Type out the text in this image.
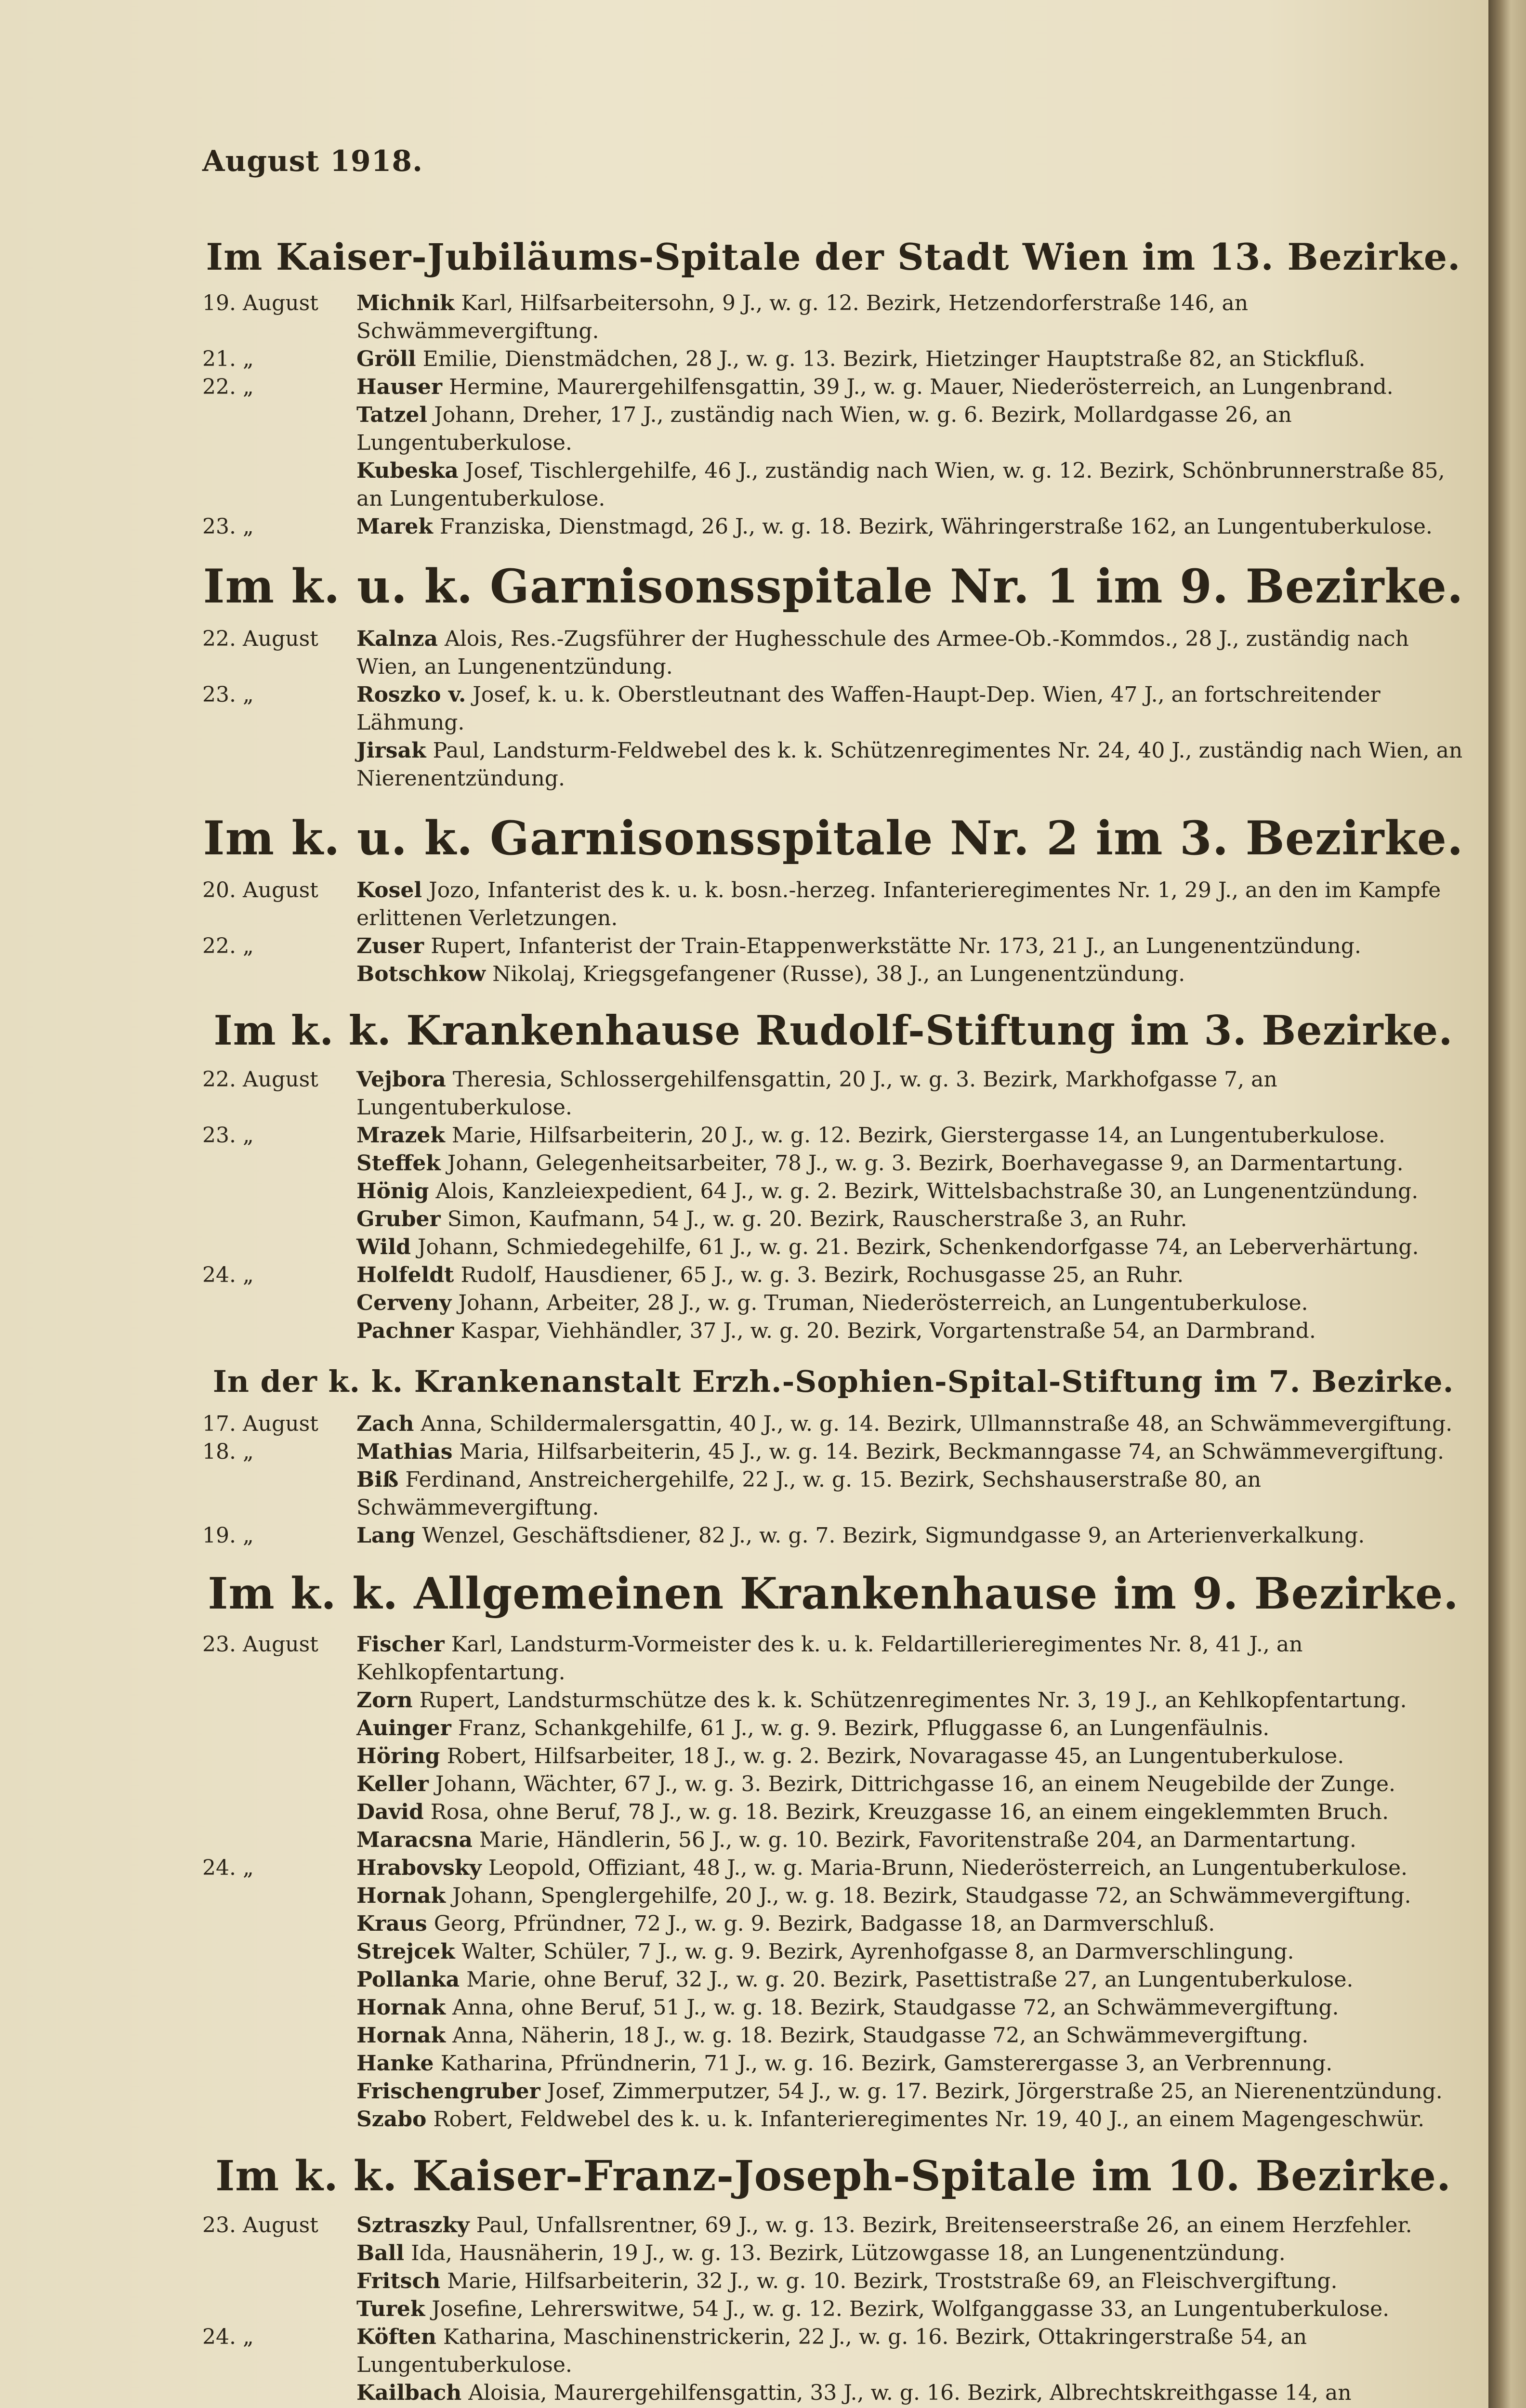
August 1918.
Im Kaiser-Jubiläums-Spitale der Stadt Wien im 13. Bezirke.
19. August	Michnik Karl, Hilfsarbeitersohn, 9 J., w. g. 12. Bezirk, Hetzendorferstraße 146, an Schwämmevergiftung.
21. „	Gröll Emilie, Dienstmädchen, 28 J., w. g. 13. Bezirk, Hietzinger Hauptstraße 82, an Stickfluß.
22. „	Hauser Hermine, Maurergehilfensgattin, 39 J., w. g. Mauer, Niederösterreich, an Lungenbrand.
Tatzel Johann, Dreher, 17 J., zuständig nach Wien, w. g. 6. Bezirk, Mollardgasse 26, an Lungentuberkulose.
Kubeska Josef, Tischlergehilfe, 46 J., zuständig nach Wien, w. g. 12. Bezirk, Schönbrunnerstraße 85, an Lungentuberkulose.
23. „	Marek Franziska, Dienstmagd, 26 J., w. g. 18. Bezirk, Währingerstraße 162, an Lungentuberkulose.
Im k. u. k. Garnisonsspitale Nr. 1 im 9. Bezirke.
22. August	Kalnza Alois, Res.-Zugsführer der Hughesschule des Armee-Ob.-Kommdos., 28 J., zuständig nach Wien, an Lungenentzündung.
23. „	Roszko v. Josef, k. u. k. Oberstleutnant des Waffen-Haupt-Dep. Wien, 47 J., an fortschreitender Lähmung.
Jirsak Paul, Landsturm-Feldwebel des k. k. Schützenregimentes Nr. 24, 40 J., zuständig nach Wien, an Nierenentzündung.
Im k. u. k. Garnisonsspitale Nr. 2 im 3. Bezirke.
20. August	Kosel Jozo, Infanterist des k. u. k. bosn.-herzeg. Infanterieregimentes Nr. 1, 29 J., an den im Kampfe erlittenen Verletzungen.
22. „	Zuser Rupert, Infanterist der Train-Etappenwerkstätte Nr. 173, 21 J., an Lungenentzündung.
Botschkow Nikolaj, Kriegsgefangener (Russe), 38 J., an Lungenentzündung.
Im k. k. Krankenhause Rudolf-Stiftung im 3. Bezirke.
22. August	Vejbora Theresia, Schlossergehilfensgattin, 20 J., w. g. 3. Bezirk, Markhofgasse 7, an Lungentuberkulose.
23. „	Mrazek Marie, Hilfsarbeiterin, 20 J., w. g. 12. Bezirk, Gierstergasse 14, an Lungentuberkulose.
Steffek Johann, Gelegenheitsarbeiter, 78 J., w. g. 3. Bezirk, Boerhavegasse 9, an Darmentartung.
Hönig Alois, Kanzleiexpedient, 64 J., w. g. 2. Bezirk, Wittelsbachstraße 30, an Lungenentzündung.
Gruber Simon, Kaufmann, 54 J., w. g. 20. Bezirk, Rauscherstraße 3, an Ruhr.
Wild Johann, Schmiedegehilfe, 61 J., w. g. 21. Bezirk, Schenkendorfgasse 74, an Leberverhärtung.
24. „	Holfeldt Rudolf, Hausdiener, 65 J., w. g. 3. Bezirk, Rochusgasse 25, an Ruhr.
Cerveny Johann, Arbeiter, 28 J., w. g. Truman, Niederösterreich, an Lungentuberkulose.
Pachner Kaspar, Viehhändler, 37 J., w. g. 20. Bezirk, Vorgartenstraße 54, an Darmbrand.
In der k. k. Krankenanstalt Erzh.-Sophien-Spital-Stiftung im 7. Bezirke.
17. August	Zach Anna, Schildermalersgattin, 40 J., w. g. 14. Bezirk, Ullmannstraße 48, an Schwämmevergiftung.
18. „	Mathias Maria, Hilfsarbeiterin, 45 J., w. g. 14. Bezirk, Beckmanngasse 74, an Schwämmevergiftung.
Biß Ferdinand, Anstreichergehilfe, 22 J., w. g. 15. Bezirk, Sechshauserstraße 80, an Schwämmevergiftung.
19. „	Lang Wenzel, Geschäftsdiener, 82 J., w. g. 7. Bezirk, Sigmundgasse 9, an Arterienverkalkung.
Im k. k. Allgemeinen Krankenhause im 9. Bezirke.
23. August	Fischer Karl, Landsturm-Vormeister des k. u. k. Feldartillerieregimentes Nr. 8, 41 J., an Kehlkopfentartung.
Zorn Rupert, Landsturmschütze des k. k. Schützenregimentes Nr. 3, 19 J., an Kehlkopfentartung.
Auinger Franz, Schankgehilfe, 61 J., w. g. 9. Bezirk, Pfluggasse 6, an Lungenfäulnis.
Höring Robert, Hilfsarbeiter, 18 J., w. g. 2. Bezirk, Novaragasse 45, an Lungentuberkulose.
Keller Johann, Wächter, 67 J., w. g. 3. Bezirk, Dittrichgasse 16, an einem Neugebilde der Zunge.
David Rosa, ohne Beruf, 78 J., w. g. 18. Bezirk, Kreuzgasse 16, an einem eingeklemmten Bruch.
Maracsna Marie, Händlerin, 56 J., w. g. 10. Bezirk, Favoritenstraße 204, an Darmentartung.
24. „	Hrabovsky Leopold, Offiziant, 48 J., w. g. Maria-Brunn, Niederösterreich, an Lungentuberkulose.
Hornak Johann, Spenglergehilfe, 20 J., w. g. 18. Bezirk, Staudgasse 72, an Schwämmevergiftung.
Kraus Georg, Pfründner, 72 J., w. g. 9. Bezirk, Badgasse 18, an Darmverschluß.
Strejcek Walter, Schüler, 7 J., w. g. 9. Bezirk, Ayrenhofgasse 8, an Darmverschlingung.
Pollanka Marie, ohne Beruf, 32 J., w. g. 20. Bezirk, Pasettistraße 27, an Lungentuberkulose.
Hornak Anna, ohne Beruf, 51 J., w. g. 18. Bezirk, Staudgasse 72, an Schwämmevergiftung.
Hornak Anna, Näherin, 18 J., w. g. 18. Bezirk, Staudgasse 72, an Schwämmevergiftung.
Hanke Katharina, Pfründnerin, 71 J., w. g. 16. Bezirk, Gamsterergasse 3, an Verbrennung.
Frischengruber Josef, Zimmerputzer, 54 J., w. g. 17. Bezirk, Jörgerstraße 25, an Nierenentzündung.
Szabo Robert, Feldwebel des k. u. k. Infanterieregimentes Nr. 19, 40 J., an einem Magengeschwür.
Im k. k. Kaiser-Franz-Joseph-Spitale im 10. Bezirke.
23. August	Sztraszky Paul, Unfallsrentner, 69 J., w. g. 13. Bezirk, Breitenseerstraße 26, an einem Herzfehler.
Ball Ida, Hausnäherin, 19 J., w. g. 13. Bezirk, Lützowgasse 18, an Lungenentzündung.
Fritsch Marie, Hilfsarbeiterin, 32 J., w. g. 10. Bezirk, Troststraße 69, an Fleischvergiftung.
Turek Josefine, Lehrerswitwe, 54 J., w. g. 12. Bezirk, Wolfganggasse 33, an Lungentuberkulose.
24. „	Köften Katharina, Maschinenstrickerin, 22 J., w. g. 16. Bezirk, Ottakringerstraße 54, an Lungentuberkulose.
Kailbach Aloisia, Maurergehilfensgattin, 33 J., w. g. 16. Bezirk, Albrechtskreithgasse 14, an
